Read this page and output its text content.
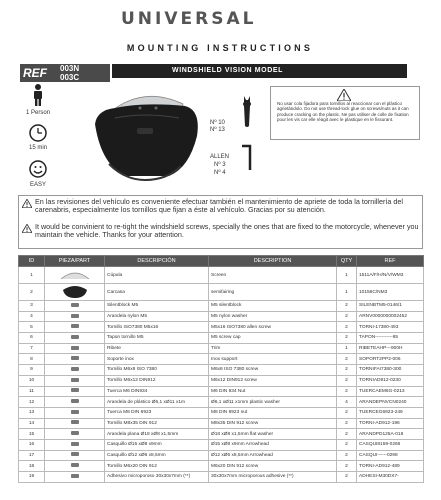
UNIVERSAL
MOUNTING INSTRUCTIONS
REF 003N
003C
WINDSHIELD VISION MODEL
1 Person
15 min
EASY
Nº 10
Nº 13
ALLEN
Nº 3
Nº 4
No usar cola fijadora para tornillos al reaccionar con el plástico agrietándolo. Do not use thread-lock glue on screws/nuts as it can produce cracking on the plastic. Ne pas utiliser de colle de fixation pour les vis car elle réagit avec le plastique en le fissurant.
En las revisiones del vehículo es conveniente efectuar también el mantenimiento de apriete de toda la tornillería del carenabris, especialmente los tornillos que fijan a éste al vehículo. Gracias por su atención.
It would be convinient to re-tight the windshield screws, specially the ones that are fixed to the motorcycle, whenever you maintain the vehicle. Thanks for your attention.
ID	PIEZA/PART	DESCRIPCIÓN	DESCRIPTION	QTY	REF
1		Cúpula	Screen	1	1511A/F/H/N/V/WM3
2		Carcasa	semifairing	1	10156C/NM3
3		Silentblock M5	M5 silentblock	2	SILENBTM5-0146/1
4		Arandela nylon M5	M5 nylon washer	2	ARNV0000000002452
5		Tornillo ISO7380 M5x16	M5x16 ISO7380 allen screw	2	TORNI-17380-493
6		Tapon tornillo M5	M5 screw cap	2	TAPON-----------85
7		Ribete	Trim	1	RIBETEAHP---900H
8		Soporte inox	Inox support	2	SOPORT2PP2-006
9		Tornillo M6x8 ISO 7380	M6x8 ISO 7380 screw	2	TORNIFAI7380-300
10		Tornillo M6x12 DIN912	M6x12 DIN912 screw	2	TORNIAD912-0230
11		Tuerca M6 DIN934	M6 DIN 934 Nut	2	TUERCAEM6G-0213
12		Arandela de plástico Ø6,1 xØ11 x1m	Ø6,1 xØ11 x1mm plastic washer	4	ARANDEPNVCN0240
13		Tuerca M8 DIN 6923	M8 DIN 6923 nut	2	TUERCEG6923-249
14		Tornillo M8x35 DIN 912	M8x35 DIN 912 screw	2	TORNI-AD912-196
15		Arandela plana Ø18 xØ8 x1,5mm	Ø18 xØ8 x1,5mm flat washer	2	ARANDPD125A-018
16		Casquillo Ø15 xØ8 x9mm	Ø15 xØ8 x9mm Arrowhead	2	CASQUI8159-0266
17		Casquillo Ø12 xØ6 x8,5mm	Ø12 xØ6 x8,5mm Arrowhead	2	CASQUI------0298
18		Tornillo M6x20 DIN 912	M6x20 DIN 912 screw	2	TORNI-AD912-489
19		Adhesivo microporoso 30x30x7mm (**)	30x30x7mm microporous adhesive (**)	2	ADHESI-M30DX7-
